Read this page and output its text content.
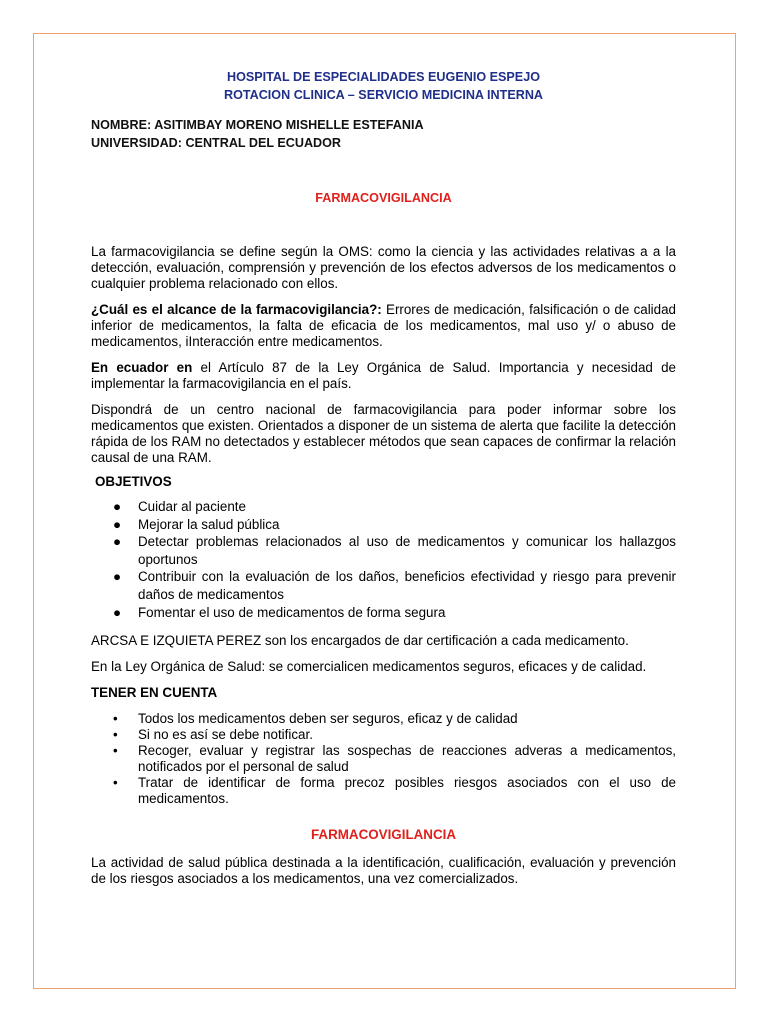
HOSPITAL DE ESPECIALIDADES EUGENIO ESPEJO
ROTACION CLINICA – SERVICIO MEDICINA INTERNA
NOMBRE: ASITIMBAY MORENO MISHELLE ESTEFANIA
UNIVERSIDAD: CENTRAL DEL ECUADOR
FARMACOVIGILANCIA

La farmacovigilancia se define según la OMS: como la ciencia y las actividades relativas a a la detección, evaluación, comprensión y prevención de los efectos adversos de los medicamentos o cualquier problema relacionado con ellos.

¿Cuál es el alcance de la farmacovigilancia?: Errores de medicación, falsificación o de calidad inferior de medicamentos, la falta de eficacia de los medicamentos, mal uso y/ o abuso de medicamentos, iInteracción entre medicamentos.

En ecuador en el Artículo 87 de la Ley Orgánica de Salud. Importancia y necesidad de implementar la farmacovigilancia en el país.

Dispondrá de un centro nacional de farmacovigilancia para poder informar sobre los medicamentos que existen. Orientados a disponer de un sistema de alerta que facilite la detección rápida de los RAM no detectados y establecer métodos que sean capaces de confirmar la relación causal de una RAM.

OBJETIVOS
● Cuidar al paciente
● Mejorar la salud pública
● Detectar problemas relacionados al uso de medicamentos y comunicar los hallazgos oportunos
● Contribuir con la evaluación de los daños, beneficios efectividad y riesgo para prevenir daños de medicamentos
● Fomentar el uso de medicamentos de forma segura

ARCSA E IZQUIETA PEREZ son los encargados de dar certificación a cada medicamento.

En la Ley Orgánica de Salud: se comercialicen medicamentos seguros, eficaces y de calidad.

TENER EN CUENTA
• Todos los medicamentos deben ser seguros, eficaz y de calidad
• Si no es así se debe notificar.
• Recoger, evaluar y registrar las sospechas de reacciones adveras a medicamentos, notificados por el personal de salud
• Tratar de identificar de forma precoz posibles riesgos asociados con el uso de medicamentos.
FARMACOVIGILANCIA

La actividad de salud pública destinada a la identificación, cualificación, evaluación y prevención de los riesgos asociados a los medicamentos, una vez comercializados.
